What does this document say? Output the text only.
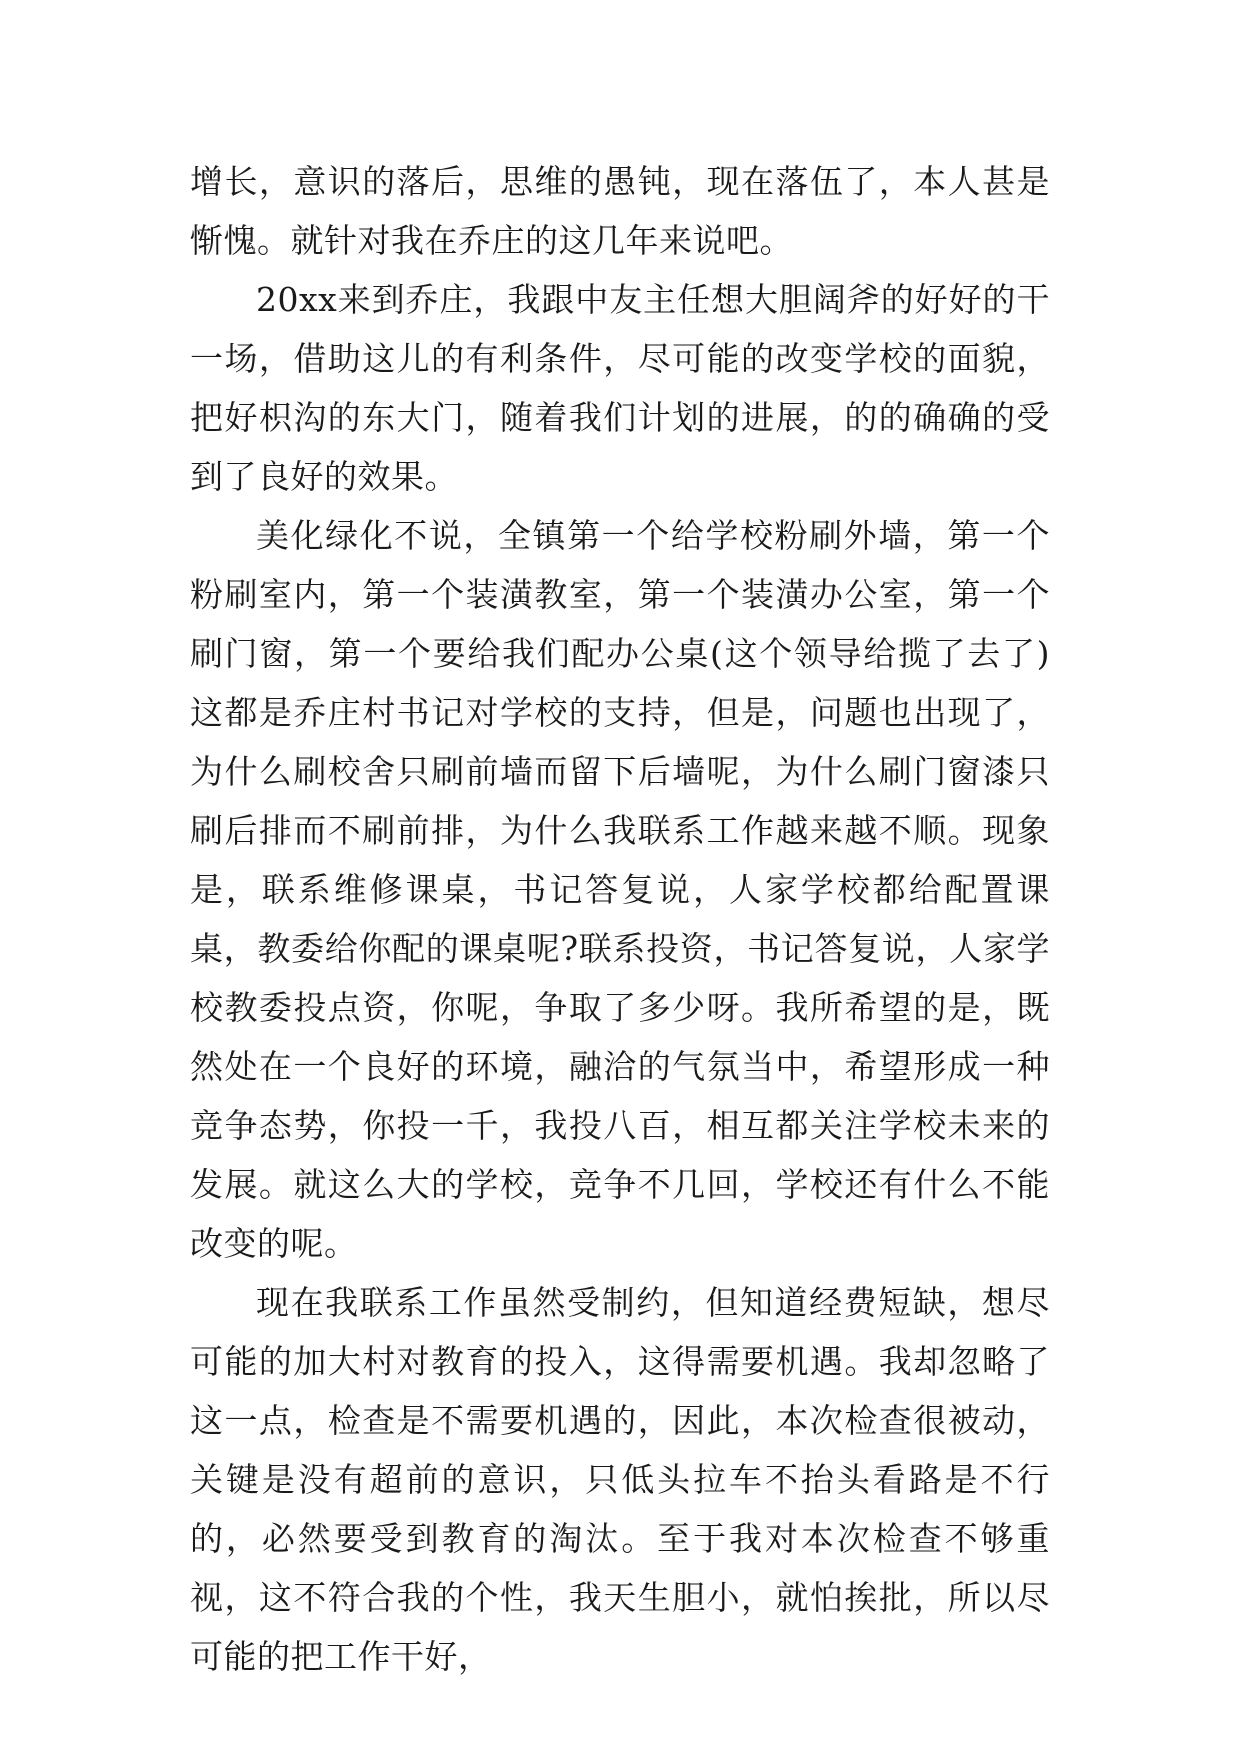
增长，意识的落后，思维的愚钝，现在落伍了，本人甚是惭愧。就针对我在乔庄的这几年来说吧。

20xx来到乔庄，我跟中友主任想大胆阔斧的好好的干一场，借助这儿的有利条件，尽可能的改变学校的面貌，把好枳沟的东大门，随着我们计划的进展，的的确确的受到了良好的效果。

美化绿化不说，全镇第一个给学校粉刷外墙，第一个粉刷室内，第一个装潢教室，第一个装潢办公室，第一个刷门窗，第一个要给我们配办公桌(这个领导给揽了去了)这都是乔庄村书记对学校的支持，但是，问题也出现了，为什么刷校舍只刷前墙而留下后墙呢，为什么刷门窗漆只刷后排而不刷前排，为什么我联系工作越来越不顺。现象是，联系维修课桌，书记答复说，人家学校都给配置课桌，教委给你配的课桌呢?联系投资，书记答复说，人家学校教委投点资，你呢，争取了多少呀。我所希望的是，既然处在一个良好的环境，融洽的气氛当中，希望形成一种竞争态势，你投一千，我投八百，相互都关注学校未来的发展。就这么大的学校，竞争不几回，学校还有什么不能改变的呢。

现在我联系工作虽然受制约，但知道经费短缺，想尽可能的加大村对教育的投入，这得需要机遇。我却忽略了这一点，检查是不需要机遇的，因此，本次检查很被动，关键是没有超前的意识，只低头拉车不抬头看路是不行的，必然要受到教育的淘汰。至于我对本次检查不够重视，这不符合我的个性，我天生胆小，就怕挨批，所以尽可能的把工作干好，
